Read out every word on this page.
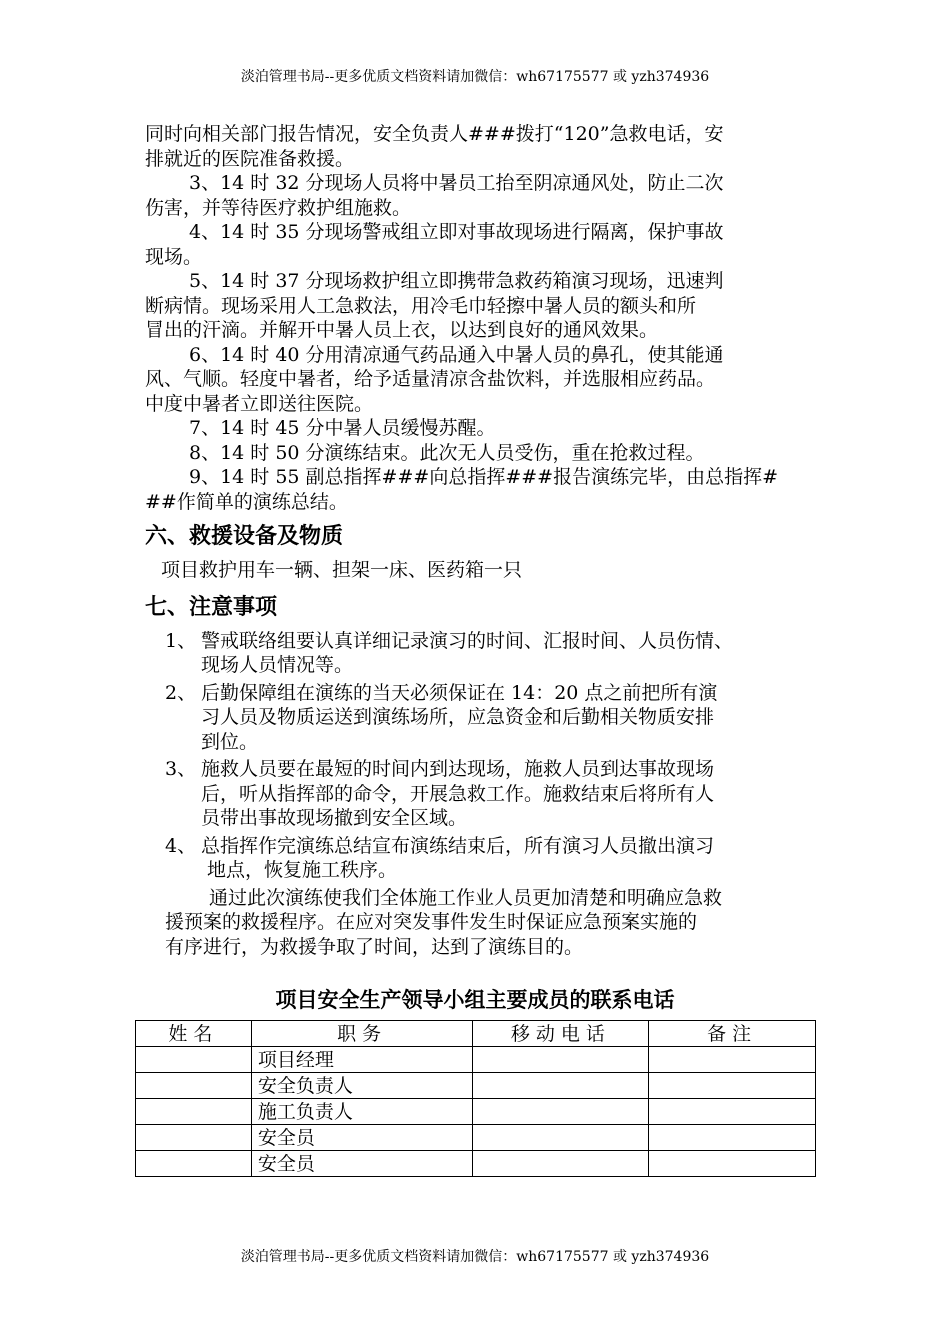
淡泊管理书局--更多优质文档资料请加微信：wh67175577 或 yzh374936

同时向相关部门报告情况，安全负责人###拨打“120”急救电话，安

排就近的医院准备救援。

3、14 时 32 分现场人员将中暑员工抬至阴凉通风处，防止二次

伤害，并等待医疗救护组施救。

4、14 时 35 分现场警戒组立即对事故现场进行隔离，保护事故

现场。

5、14 时 37 分现场救护组立即携带急救药箱演习现场，迅速判

断病情。现场采用人工急救法，用冷毛巾轻擦中暑人员的额头和所

冒出的汗滴。并解开中暑人员上衣，以达到良好的通风效果。

6、14 时 40 分用清凉通气药品通入中暑人员的鼻孔，使其能通

风、气顺。轻度中暑者，给予适量清凉含盐饮料，并选服相应药品。

中度中暑者立即送往医院。

7、14 时 45 分中暑人员缓慢苏醒。

8、14 时 50 分演练结束。此次无人员受伤，重在抢救过程。

9、14 时 55 副总指挥###向总指挥###报告演练完毕，由总指挥#

##作简单的演练总结。

六、救援设备及物质

项目救护用车一辆、担架一床、医药箱一只

七、注意事项
1、 警戒联络组要认真详细记录演习的时间、汇报时间、人员伤情、
现场人员情况等。
2、 后勤保障组在演练的当天必须保证在 14：20 点之前把所有演
习人员及物质运送到演练场所，应急资金和后勤相关物质安排
到位。
3、 施救人员要在最短的时间内到达现场，施救人员到达事故现场
后，听从指挥部的命令，开展急救工作。施救结束后将所有人
员带出事故现场撤到安全区域。
4、 总指挥作完演练总结宣布演练结束后，所有演习人员撤出演习
地点，恢复施工秩序。

通过此次演练使我们全体施工作业人员更加清楚和明确应急救

援预案的救援程序。在应对突发事件发生时保证应急预案实施的

有序进行，为救援争取了时间，达到了演练目的。

项目安全生产领导小组主要成员的联系电话
姓名	职务	移动电话	备注
	项目经理		
	安全负责人		
	施工负责人		
	安全员		
	安全员		
淡泊管理书局--更多优质文档资料请加微信：wh67175577 或 yzh374936
